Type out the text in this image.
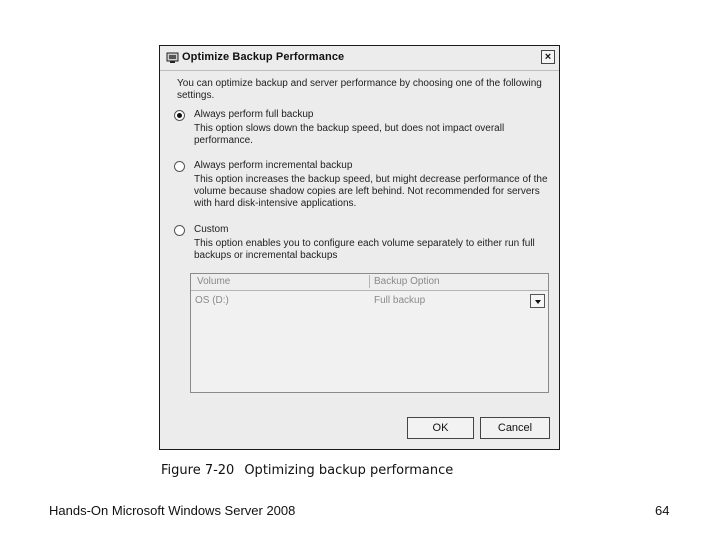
Optimize Backup Performance	×
You can optimize backup and server performance by choosing one of the following settings.
Always perform full backup
This option slows down the backup speed, but does not impact overall performance.
Always perform incremental backup
This option increases the backup speed, but might decrease performance of the volume because shadow copies are left behind. Not recommended for servers with hard disk-intensive applications.
Custom
This option enables you to configure each volume separately to either run full backups or incremental backups
Volume	Backup Option
OS (D:)	Full backup
OK	Cancel
Figure 7-20 Optimizing backup performance
Hands-On Microsoft Windows Server 2008	64
